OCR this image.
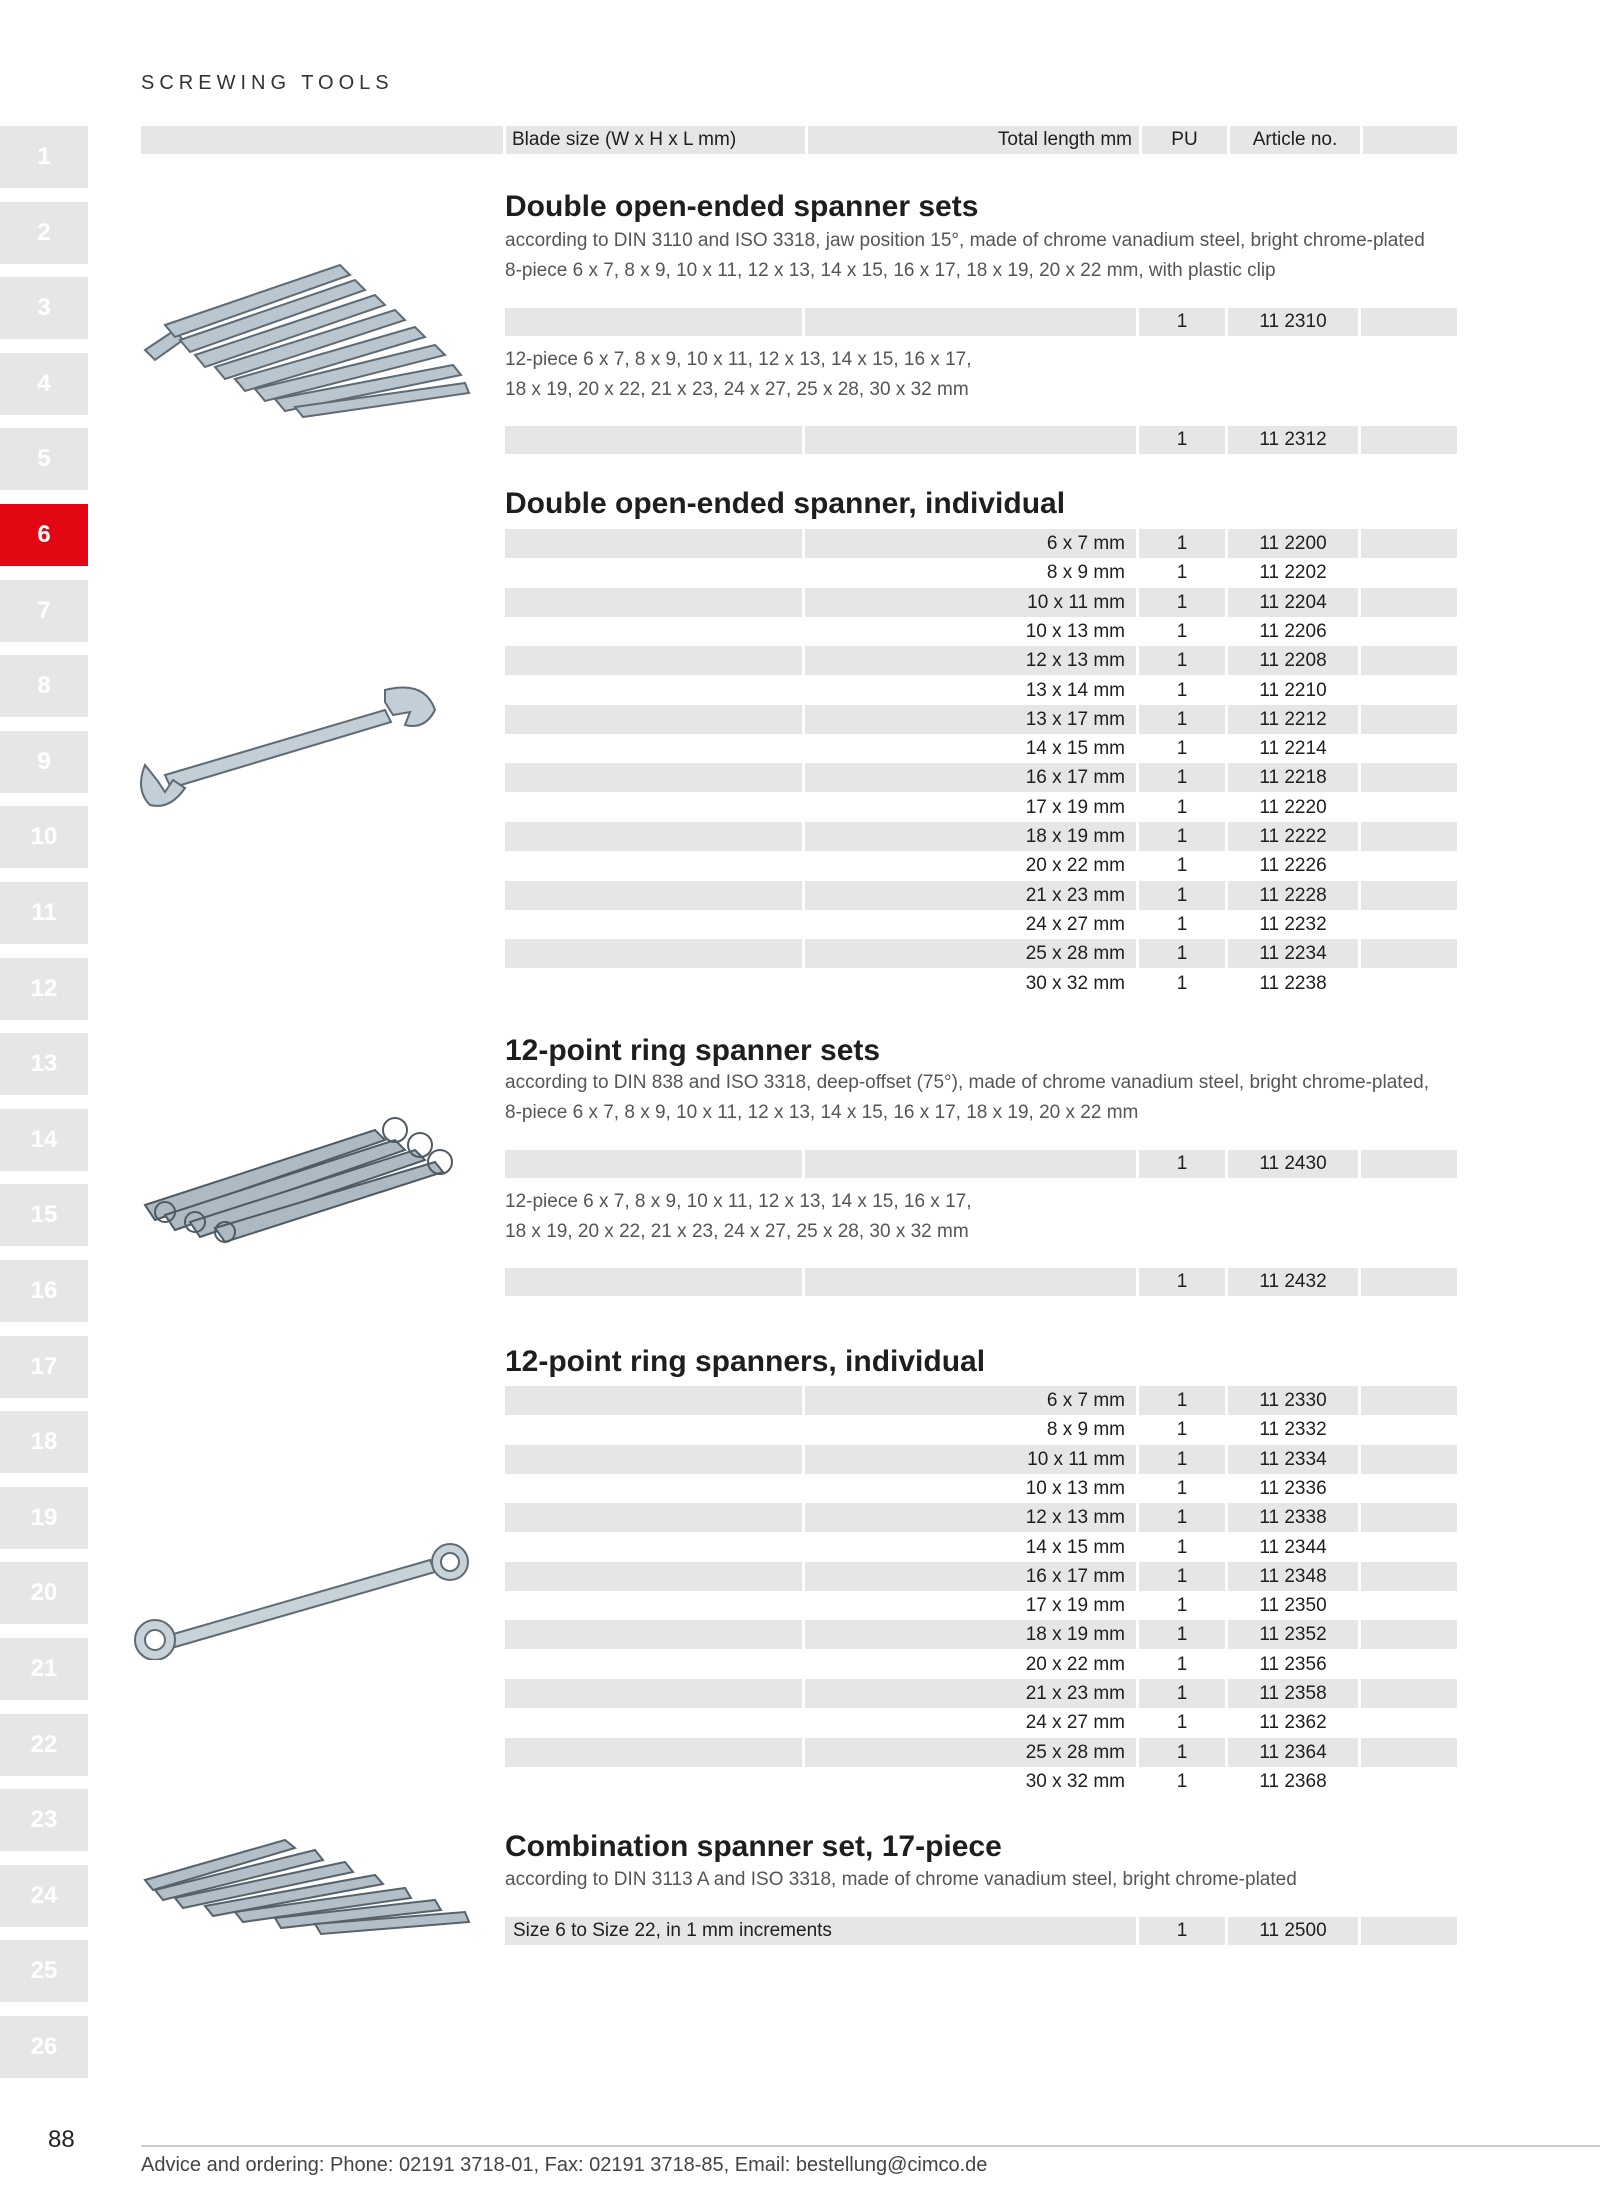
SCREWING TOOLS
1
2
3
4
5
6
7
8
9
10
11
12
13
14
15
16
17
18
19
20
21
22
23
24
25
26
Blade size (W x H x L mm)	Total length mm	PU	Article no.
Double open-ended spanner sets
according to DIN 3110 and ISO 3318, jaw position 15°, made of chrome vanadium steel, bright chrome-plated
8-piece 6 x 7, 8 x 9, 10 x 11, 12 x 13, 14 x 15, 16 x 17, 18 x 19, 20 x 22 mm, with plastic clip
1	11 2310
12-piece 6 x 7, 8 x 9, 10 x 11, 12 x 13, 14 x 15, 16 x 17,
18 x 19, 20 x 22, 21 x 23, 24 x 27, 25 x 28, 30 x 32 mm
1	11 2312
Double open-ended spanner, individual
6 x 7 mm	1	11 2200
8 x 9 mm	1	11 2202
10 x 11 mm	1	11 2204
10 x 13 mm	1	11 2206
12 x 13 mm	1	11 2208
13 x 14 mm	1	11 2210
13 x 17 mm	1	11 2212
14 x 15 mm	1	11 2214
16 x 17 mm	1	11 2218
17 x 19 mm	1	11 2220
18 x 19 mm	1	11 2222
20 x 22 mm	1	11 2226
21 x 23 mm	1	11 2228
24 x 27 mm	1	11 2232
25 x 28 mm	1	11 2234
30 x 32 mm	1	11 2238
12-point ring spanner sets
according to DIN 838 and ISO 3318, deep-offset (75°), made of chrome vanadium steel, bright chrome-plated,
8-piece 6 x 7, 8 x 9, 10 x 11, 12 x 13, 14 x 15, 16 x 17, 18 x 19, 20 x 22 mm
1	11 2430
12-piece 6 x 7, 8 x 9, 10 x 11, 12 x 13, 14 x 15, 16 x 17,
18 x 19, 20 x 22, 21 x 23, 24 x 27, 25 x 28, 30 x 32 mm
1	11 2432
12-point ring spanners, individual
6 x 7 mm	1	11 2330
8 x 9 mm	1	11 2332
10 x 11 mm	1	11 2334
10 x 13 mm	1	11 2336
12 x 13 mm	1	11 2338
14 x 15 mm	1	11 2344
16 x 17 mm	1	11 2348
17 x 19 mm	1	11 2350
18 x 19 mm	1	11 2352
20 x 22 mm	1	11 2356
21 x 23 mm	1	11 2358
24 x 27 mm	1	11 2362
25 x 28 mm	1	11 2364
30 x 32 mm	1	11 2368
Combination spanner set, 17-piece
according to DIN 3113 A and ISO 3318, made of chrome vanadium steel, bright chrome-plated
Size 6 to Size 22, in 1 mm increments	1	11 2500
88
Advice and ordering: Phone: 02191 3718-01, Fax: 02191 3718-85, Email: bestellung@cimco.de
